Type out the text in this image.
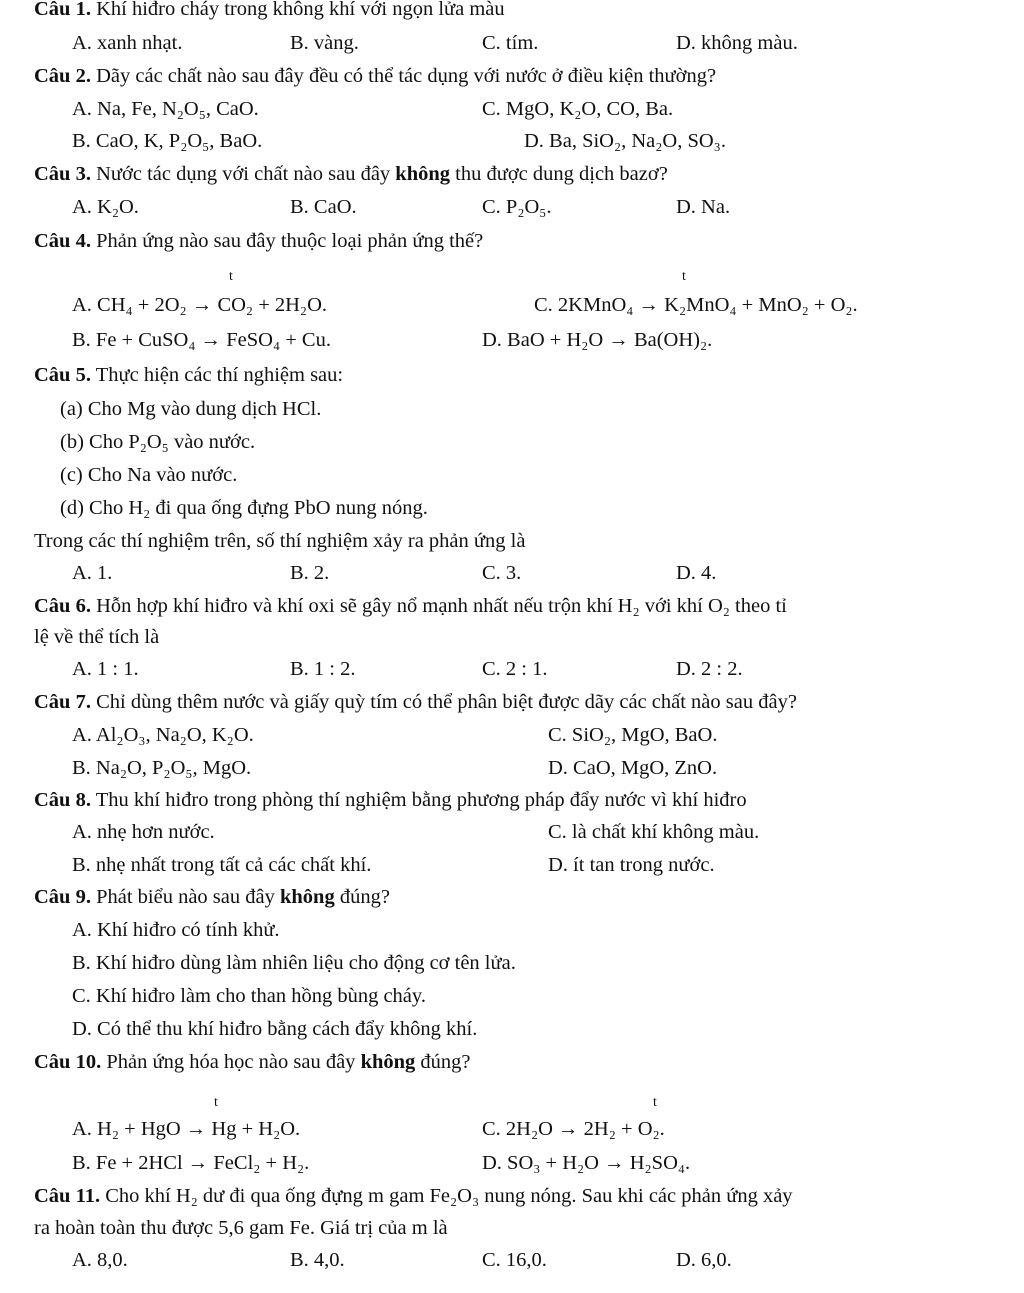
Câu 1. Khí hiđro cháy trong không khí với ngọn lửa màu
A. xanh nhạt.	B. vàng.	C. tím.	D. không màu.
Câu 2. Dãy các chất nào sau đây đều có thể tác dụng với nước ở điều kiện thường?
A. Na, Fe, N₂O₅, CaO.	C. MgO, K₂O, CO, Ba.
B. CaO, K, P₂O₅, BaO.	D. Ba, SiO₂, Na₂O, SO₃.
Câu 3. Nước tác dụng với chất nào sau đây không thu được dung dịch bazơ?
A. K₂O.	B. CaO.	C. P₂O₅.	D. Na.
Câu 4. Phản ứng nào sau đây thuộc loại phản ứng thế?
t	t
A. CH₄ + 2O₂ → CO₂ + 2H₂O.	C. 2KMnO₄ → K₂MnO₄ + MnO₂ + O₂.
B. Fe + CuSO₄ → FeSO₄ + Cu.	D. BaO + H₂O → Ba(OH)₂.
Câu 5. Thực hiện các thí nghiệm sau:
(a) Cho Mg vào dung dịch HCl.
(b) Cho P₂O₅ vào nước.
(c) Cho Na vào nước.
(d) Cho H₂ đi qua ống đựng PbO nung nóng.
Trong các thí nghiệm trên, số thí nghiệm xảy ra phản ứng là
A. 1.	B. 2.	C. 3.	D. 4.
Câu 6. Hỗn hợp khí hiđro và khí oxi sẽ gây nổ mạnh nhất nếu trộn khí H₂ với khí O₂ theo tỉ
lệ về thể tích là
A. 1 : 1.	B. 1 : 2.	C. 2 : 1.	D. 2 : 2.
Câu 7. Chỉ dùng thêm nước và giấy quỳ tím có thể phân biệt được dãy các chất nào sau đây?
A. Al₂O₃, Na₂O, K₂O.	C. SiO₂, MgO, BaO.
B. Na₂O, P₂O₅, MgO.	D. CaO, MgO, ZnO.
Câu 8. Thu khí hiđro trong phòng thí nghiệm bằng phương pháp đẩy nước vì khí hiđro
A. nhẹ hơn nước.	C. là chất khí không màu.
B. nhẹ nhất trong tất cả các chất khí.	D. ít tan trong nước.
Câu 9. Phát biểu nào sau đây không đúng?
A. Khí hiđro có tính khử.
B. Khí hiđro dùng làm nhiên liệu cho động cơ tên lửa.
C. Khí hiđro làm cho than hồng bùng cháy.
D. Có thể thu khí hiđro bằng cách đẩy không khí.
Câu 10. Phản ứng hóa học nào sau đây không đúng?
t	t
A. H₂ + HgO → Hg + H₂O.	C. 2H₂O → 2H₂ + O₂.
B. Fe + 2HCl → FeCl₂ + H₂.	D. SO₃ + H₂O → H₂SO₄.
Câu 11. Cho khí H₂ dư đi qua ống đựng m gam Fe₂O₃ nung nóng. Sau khi các phản ứng xảy
ra hoàn toàn thu được 5,6 gam Fe. Giá trị của m là
A. 8,0.	B. 4,0.	C. 16,0.	D. 6,0.
